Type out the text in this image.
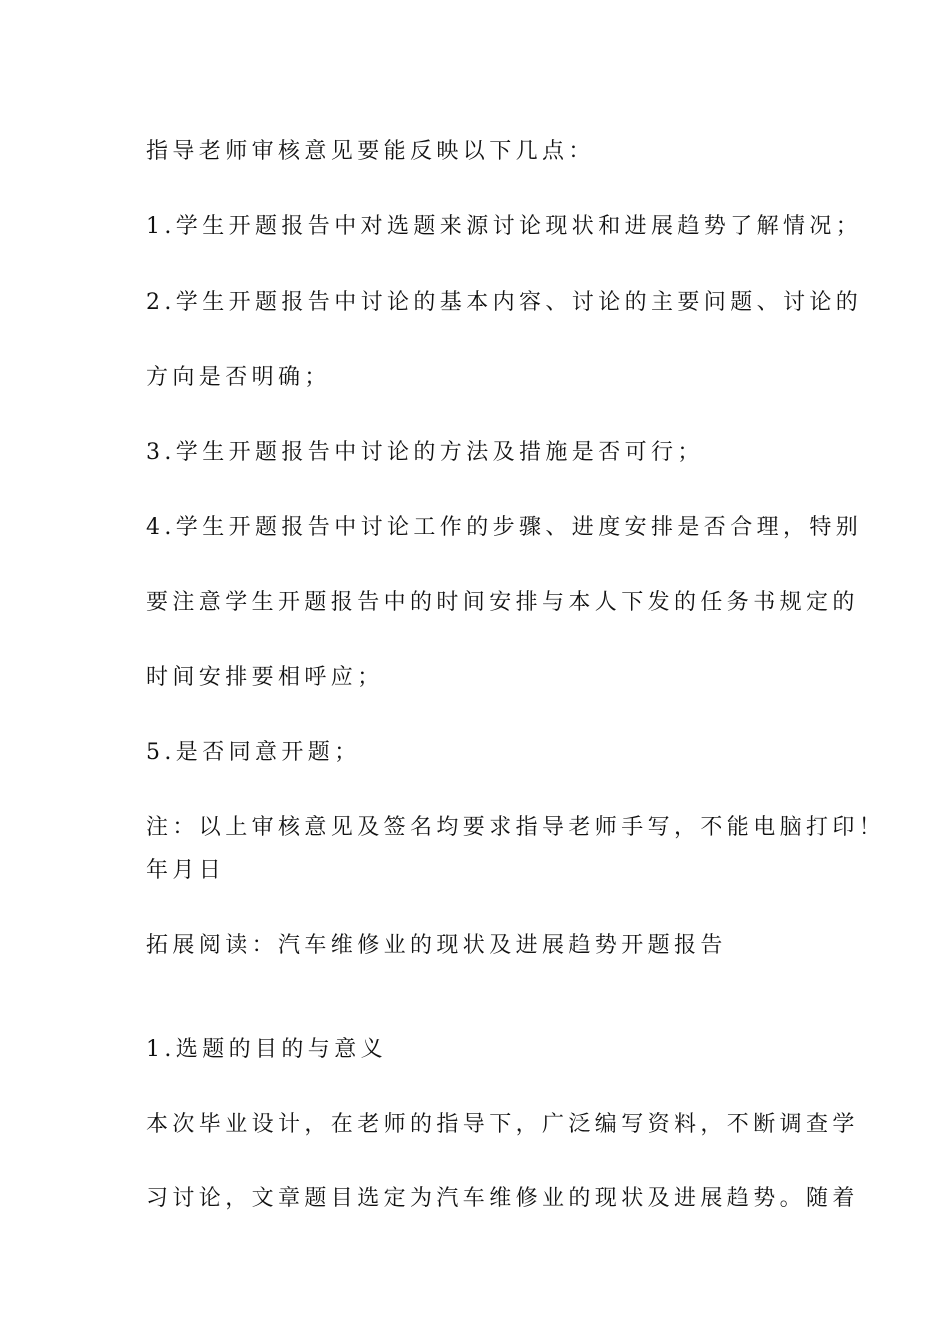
指导老师审核意见要能反映以下几点：
1.学生开题报告中对选题来源讨论现状和进展趋势了解情况；
2.学生开题报告中讨论的基本内容、讨论的主要问题、讨论的
方向是否明确；
3.学生开题报告中讨论的方法及措施是否可行；
4.学生开题报告中讨论工作的步骤、进度安排是否合理，特别
要注意学生开题报告中的时间安排与本人下发的任务书规定的
时间安排要相呼应；
5.是否同意开题；
注：以上审核意见及签名均要求指导老师手写，不能电脑打印！
年月日
拓展阅读：汽车维修业的现状及进展趋势开题报告
1.选题的目的与意义
本次毕业设计，在老师的指导下，广泛编写资料，不断调查学
习讨论，文章题目选定为汽车维修业的现状及进展趋势。随着
